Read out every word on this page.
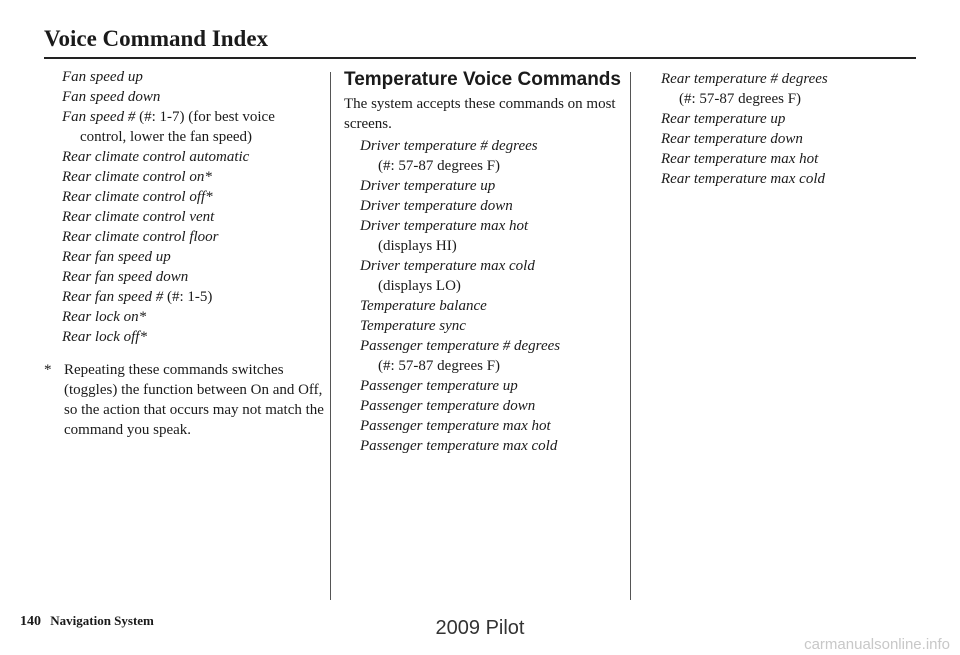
Voice Command Index
Fan speed up
Fan speed down
Fan speed # (#: 1-7) (for best voice
control, lower the fan speed)
Rear climate control automatic
Rear climate control on*
Rear climate control off*
Rear climate control vent
Rear climate control floor
Rear fan speed up
Rear fan speed down
Rear fan speed # (#: 1-5)
Rear lock on*
Rear lock off*
* Repeating these commands switches (toggles) the function between On and Off, so the action that occurs may not match the command you speak.
Temperature Voice Commands
The system accepts these commands on most screens.
Driver temperature # degrees
(#: 57-87 degrees F)
Driver temperature up
Driver temperature down
Driver temperature max hot
(displays HI)
Driver temperature max cold
(displays LO)
Temperature balance
Temperature sync
Passenger temperature # degrees
(#: 57-87 degrees F)
Passenger temperature up
Passenger temperature down
Passenger temperature max hot
Passenger temperature max cold
Rear temperature # degrees
(#: 57-87 degrees F)
Rear temperature up
Rear temperature down
Rear temperature max hot
Rear temperature max cold
140 Navigation System	2009 Pilot
carmanualsonline.info
